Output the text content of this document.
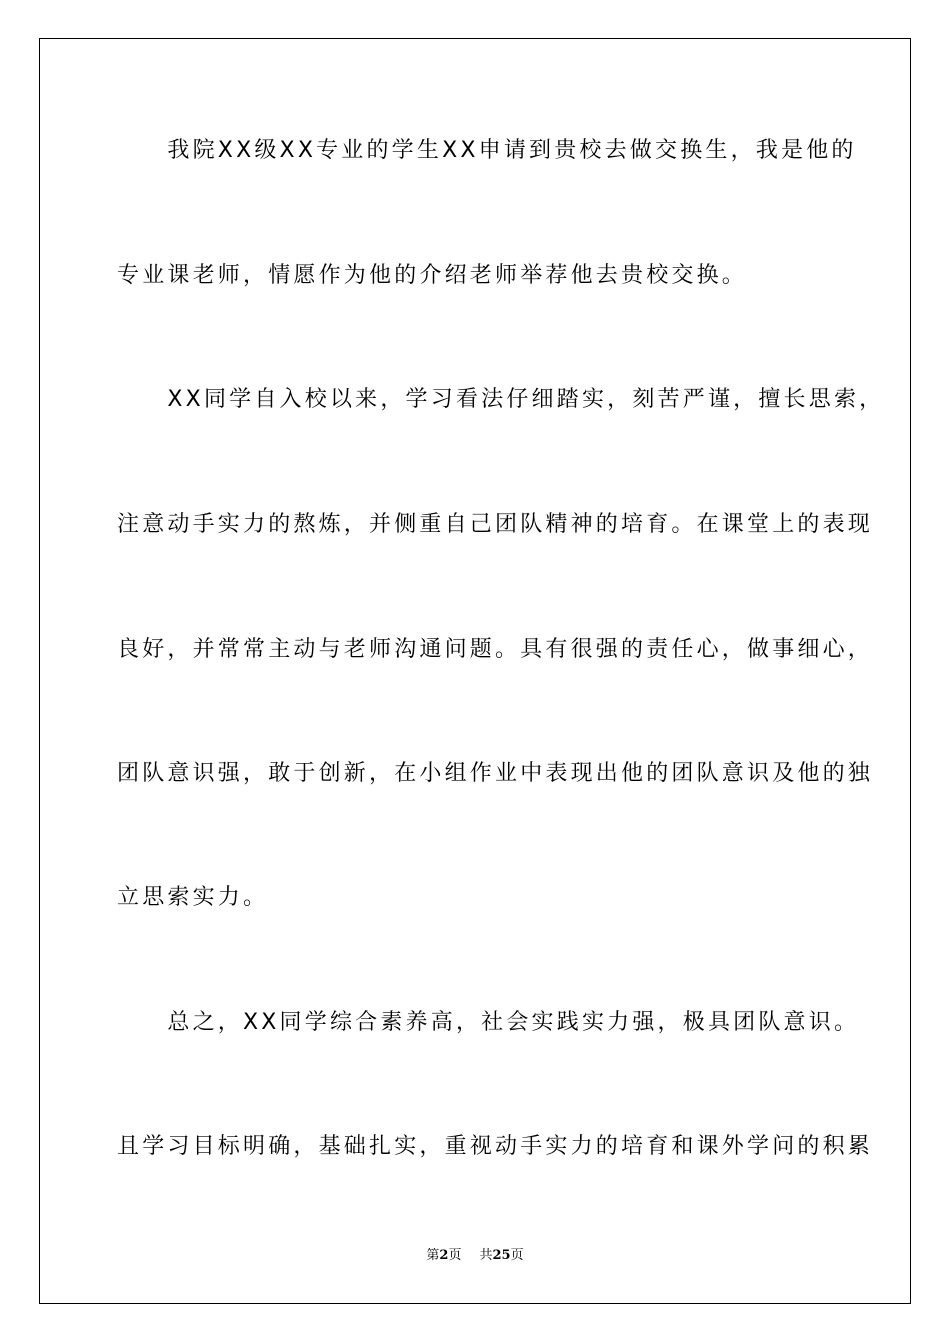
　　我院XX级XX专业的学生XX申请到贵校去做交换生，我是他的
专业课老师，情愿作为他的介绍老师举荐他去贵校交换。
　　XX同学自入校以来，学习看法仔细踏实，刻苦严谨，擅长思索，
注意动手实力的熬炼，并侧重自己团队精神的培育。在课堂上的表现
良好，并常常主动与老师沟通问题。具有很强的责任心，做事细心，
团队意识强，敢于创新，在小组作业中表现出他的团队意识及他的独
立思索实力。
　　总之，XX同学综合素养高，社会实践实力强，极具团队意识。
且学习目标明确，基础扎实，重视动手实力的培育和课外学问的积累
第2页 共25页
